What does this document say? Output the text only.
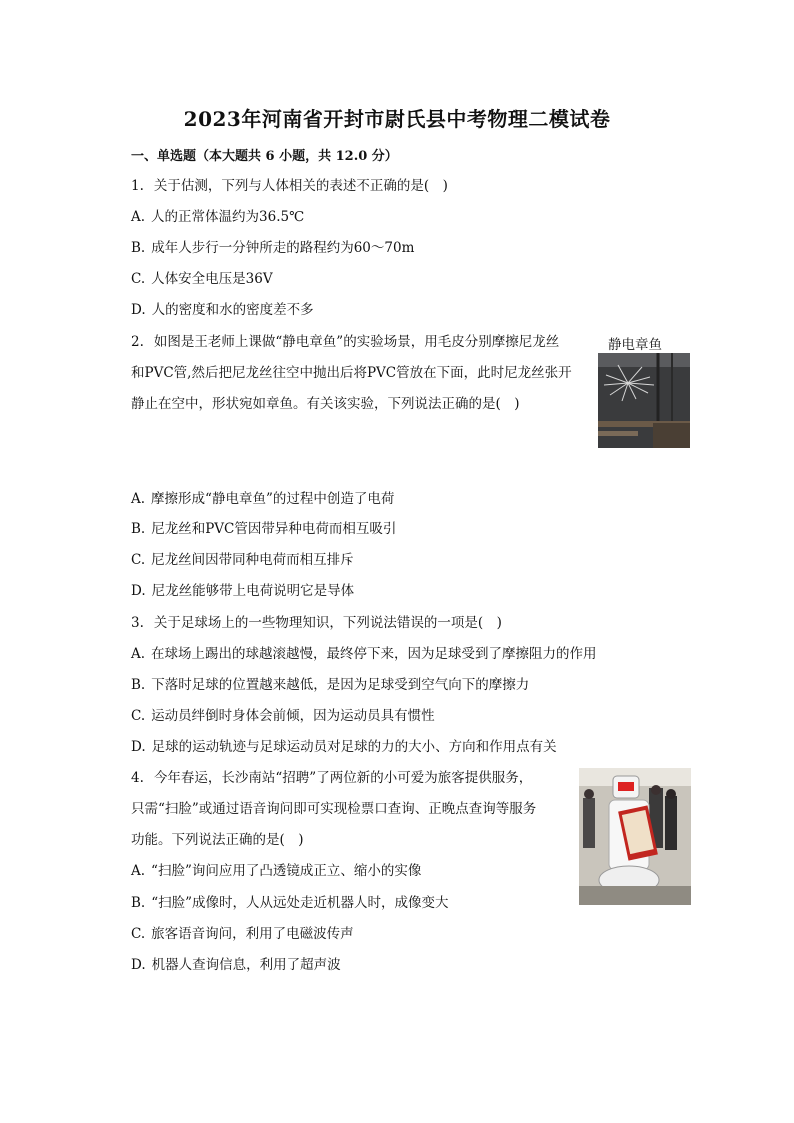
2023年河南省开封市尉氏县中考物理二模试卷
一、单选题（本大题共 6 小题，共 12.0 分）
1. 关于估测，下列与人体相关的表述不正确的是(　)
A. 人的正常体温约为36.5℃
B. 成年人步行一分钟所走的路程约为60～70m
C. 人体安全电压是36V
D. 人的密度和水的密度差不多
2. 如图是王老师上课做“静电章鱼”的实验场景，用毛皮分别摩擦尼龙丝
和PVC管,然后把尼龙丝往空中抛出后将PVC管放在下面，此时尼龙丝张开
静止在空中，形状宛如章鱼。有关该实验，下列说法正确的是(　)
静电章鱼
A. 摩擦形成“静电章鱼”的过程中创造了电荷
B. 尼龙丝和PVC管因带异种电荷而相互吸引
C. 尼龙丝间因带同种电荷而相互排斥
D. 尼龙丝能够带上电荷说明它是导体
3. 关于足球场上的一些物理知识，下列说法错误的一项是(　)
A. 在球场上踢出的球越滚越慢，最终停下来，因为足球受到了摩擦阻力的作用
B. 下落时足球的位置越来越低，是因为足球受到空气向下的摩擦力
C. 运动员绊倒时身体会前倾，因为运动员具有惯性
D. 足球的运动轨迹与足球运动员对足球的力的大小、方向和作用点有关
4. 今年春运，长沙南站“招聘”了两位新的小可爱为旅客提供服务，
只需“扫脸”或通过语音询问即可实现检票口查询、正晚点查询等服务
功能。下列说法正确的是(　)
A. “扫脸”询问应用了凸透镜成正立、缩小的实像
B. “扫脸”成像时，人从远处走近机器人时，成像变大
C. 旅客语音询问，利用了电磁波传声
D. 机器人查询信息，利用了超声波
